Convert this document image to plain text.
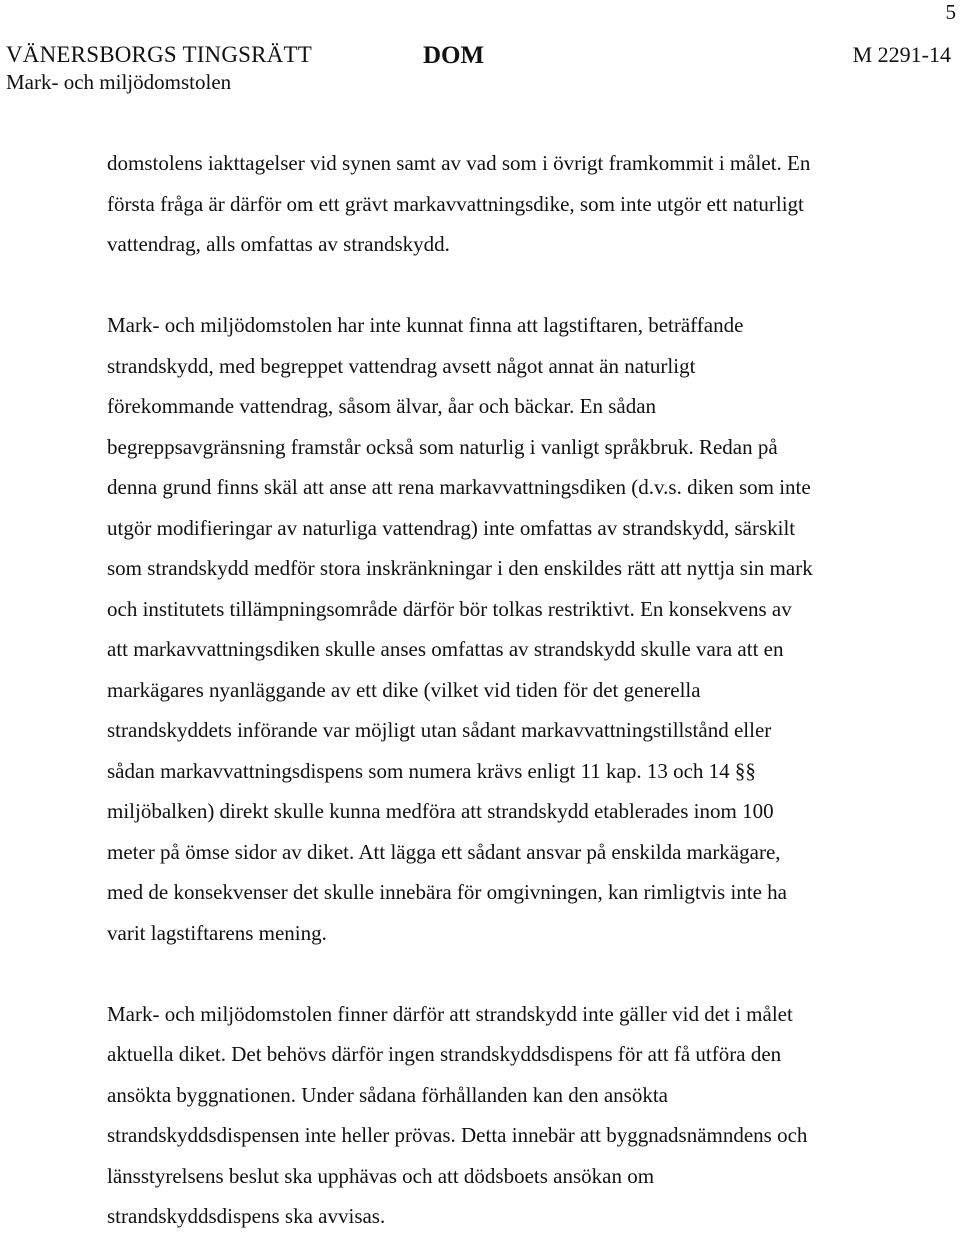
5
VÄNERSBORGS TINGSRÄTT
Mark- och miljödomstolen
DOM	M 2291-14

domstolens iakttagelser vid synen samt av vad som i övrigt framkommit i målet. En
första fråga är därför om ett grävt markavvattningsdike, som inte utgör ett naturligt
vattendrag, alls omfattas av strandskydd.

Mark- och miljödomstolen har inte kunnat finna att lagstiftaren, beträffande
strandskydd, med begreppet vattendrag avsett något annat än naturligt
förekommande vattendrag, såsom älvar, åar och bäckar. En sådan
begreppsavgränsning framstår också som naturlig i vanligt språkbruk. Redan på
denna grund finns skäl att anse att rena markavvattningsdiken (d.v.s. diken som inte
utgör modifieringar av naturliga vattendrag) inte omfattas av strandskydd, särskilt
som strandskydd medför stora inskränkningar i den enskildes rätt att nyttja sin mark
och institutets tillämpningsområde därför bör tolkas restriktivt. En konsekvens av
att markavvattningsdiken skulle anses omfattas av strandskydd skulle vara att en
markägares nyanläggande av ett dike (vilket vid tiden för det generella
strandskyddets införande var möjligt utan sådant markavvattningstillstånd eller
sådan markavvattningsdispens som numera krävs enligt 11 kap. 13 och 14 §§
miljöbalken) direkt skulle kunna medföra att strandskydd etablerades inom 100
meter på ömse sidor av diket. Att lägga ett sådant ansvar på enskilda markägare,
med de konsekvenser det skulle innebära för omgivningen, kan rimligtvis inte ha
varit lagstiftarens mening.

Mark- och miljödomstolen finner därför att strandskydd inte gäller vid det i målet
aktuella diket. Det behövs därför ingen strandskyddsdispens för att få utföra den
ansökta byggnationen. Under sådana förhållanden kan den ansökta
strandskyddsdispensen inte heller prövas. Detta innebär att byggnadsnämndens och
länsstyrelsens beslut ska upphävas och att dödsboets ansökan om
strandskyddsdispens ska avvisas.
